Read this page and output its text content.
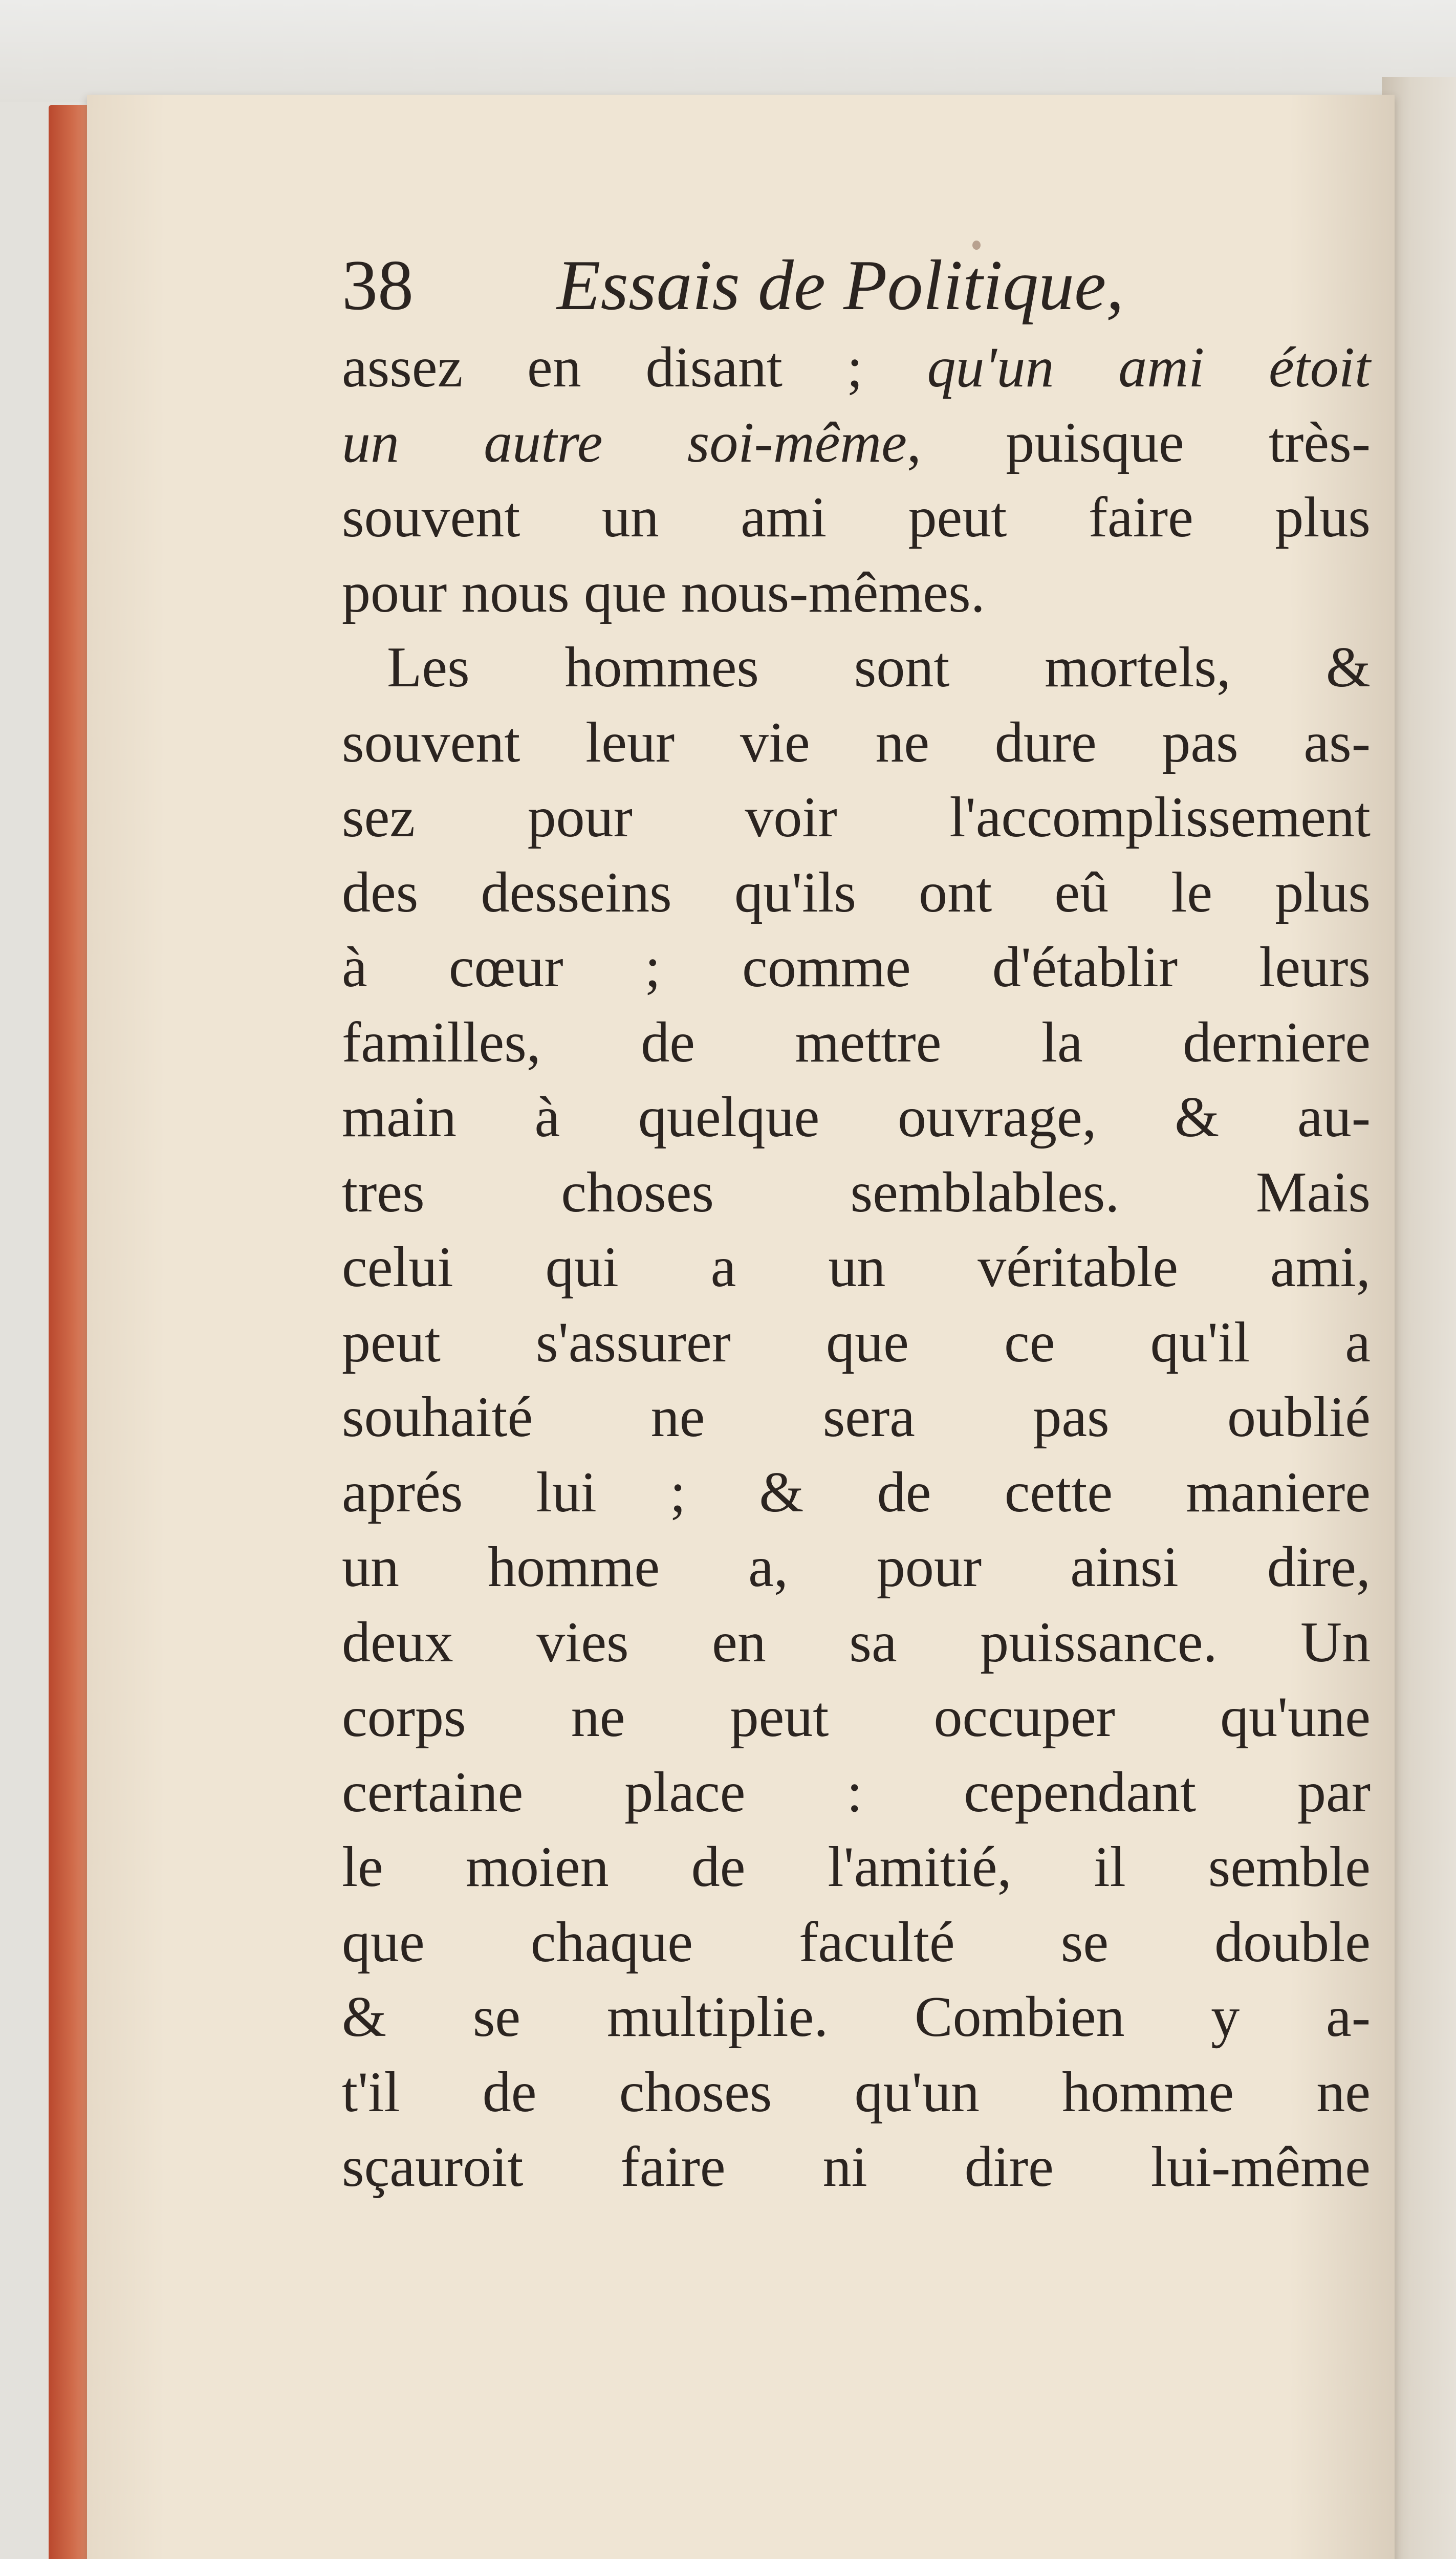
38 Essais de Politique,
assez en disant ; qu'un ami étoit
un autre soi-même, puisque très-
souvent un ami peut faire plus
pour nous que nous-mêmes.
Les hommes sont mortels, &
souvent leur vie ne dure pas as-
sez pour voir l'accomplissement
des desseins qu'ils ont eû le plus
à cœur ; comme d'établir leurs
familles, de mettre la derniere
main à quelque ouvrage, & au-
tres choses semblables. Mais
celui qui a un véritable ami,
peut s'assurer que ce qu'il a
souhaité ne sera pas oublié
aprés lui ; & de cette maniere
un homme a, pour ainsi dire,
deux vies en sa puissance. Un
corps ne peut occuper qu'une
certaine place : cependant par
le moien de l'amitié, il semble
que chaque faculté se double
& se multiplie. Combien y a-
t'il de choses qu'un homme ne
sçauroit faire ni dire lui-même
